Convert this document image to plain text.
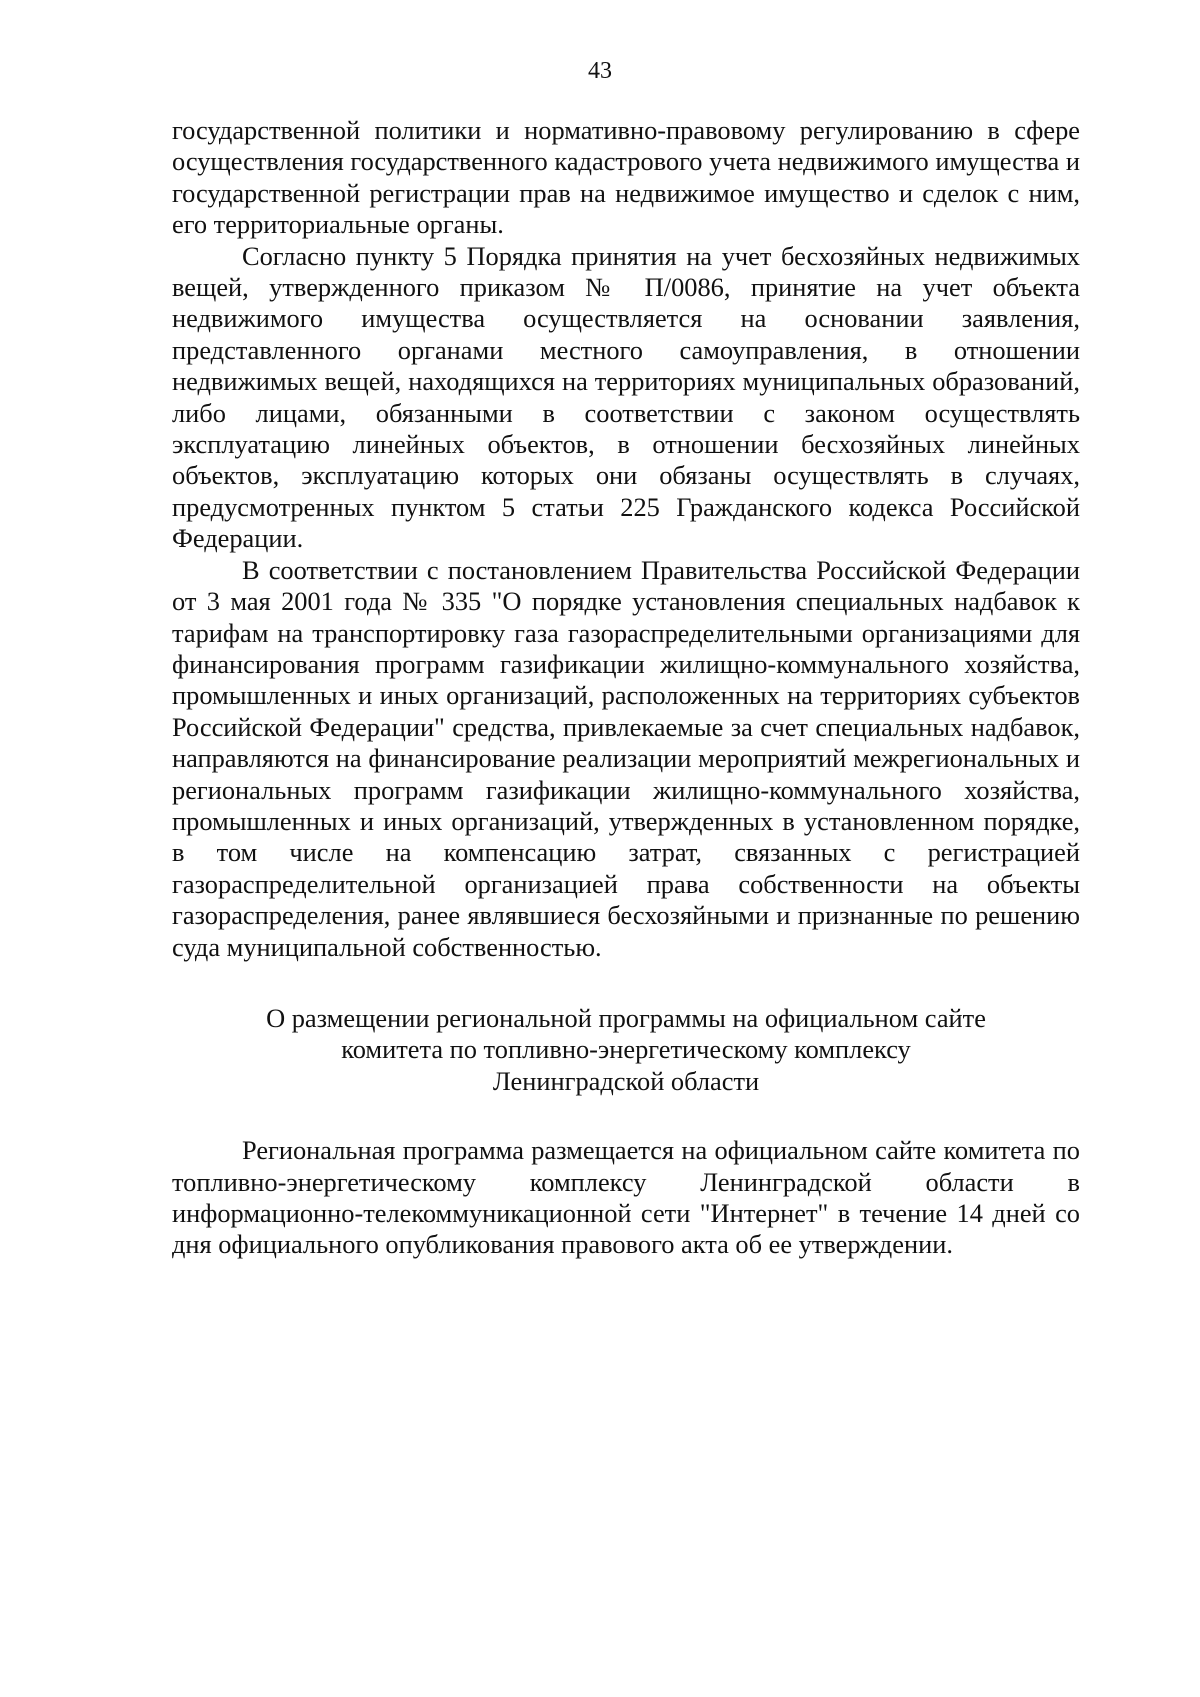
43

государственной политики и нормативно-правовому регулированию в сфере осуществления государственного кадастрового учета недвижимого имущества и государственной регистрации прав на недвижимое имущество и сделок с ним, его территориальные органы.

Согласно пункту 5 Порядка принятия на учет бесхозяйных недвижимых вещей, утвержденного приказом № П/0086, принятие на учет объекта недвижимого имущества осуществляется на основании заявления, представленного органами местного самоуправления, в отношении недвижимых вещей, находящихся на территориях муниципальных образований, либо лицами, обязанными в соответствии с законом осуществлять эксплуатацию линейных объектов, в отношении бесхозяйных линейных объектов, эксплуатацию которых они обязаны осуществлять в случаях, предусмотренных пунктом 5 статьи 225 Гражданского кодекса Российской Федерации.

В соответствии с постановлением Правительства Российской Федерации от 3 мая 2001 года № 335 "О порядке установления специальных надбавок к тарифам на транспортировку газа газораспределительными организациями для финансирования программ газификации жилищно-коммунального хозяйства, промышленных и иных организаций, расположенных на территориях субъектов Российской Федерации" средства, привлекаемые за счет специальных надбавок, направляются на финансирование реализации мероприятий межрегиональных и региональных программ газификации жилищно-коммунального хозяйства, промышленных и иных организаций, утвержденных в установленном порядке, в том числе на компенсацию затрат, связанных с регистрацией газораспределительной организацией права собственности на объекты газораспределения, ранее являвшиеся бесхозяйными и признанные по решению суда муниципальной собственностью.

О размещении региональной программы на официальном сайте
комитета по топливно-энергетическому комплексу
Ленинградской области

Региональная программа размещается на официальном сайте комитета по топливно-энергетическому комплексу Ленинградской области в информационно-телекоммуникационной сети "Интернет" в течение 14 дней со дня официального опубликования правового акта об ее утверждении.
